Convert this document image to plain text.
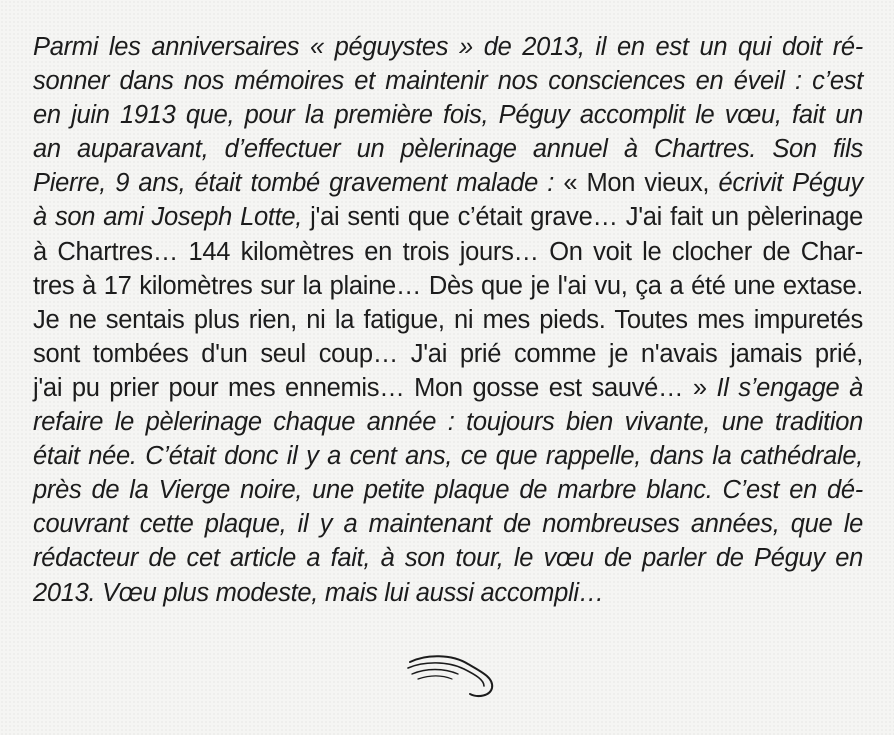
Parmi les anniversaires « péguystes » de 2013, il en est un qui doit ré-
sonner dans nos mémoires et maintenir nos consciences en éveil : c’est
en juin 1913 que, pour la première fois, Péguy accomplit le vœu, fait un
an auparavant, d’effectuer un pèlerinage annuel à Chartres. Son fils
Pierre, 9 ans, était tombé gravement malade : « Mon vieux, écrivit Péguy
à son ami Joseph Lotte, j'ai senti que c’était grave… J'ai fait un pèlerinage
à Chartres… 144 kilomètres en trois jours… On voit le clocher de Char-
tres à 17 kilomètres sur la plaine… Dès que je l'ai vu, ça a été une extase.
Je ne sentais plus rien, ni la fatigue, ni mes pieds. Toutes mes impuretés
sont tombées d'un seul coup… J'ai prié comme je n'avais jamais prié,
j'ai pu prier pour mes ennemis… Mon gosse est sauvé… » Il s’engage à
refaire le pèlerinage chaque année : toujours bien vivante, une tradition
était née. C’était donc il y a cent ans, ce que rappelle, dans la cathédrale,
près de la Vierge noire, une petite plaque de marbre blanc. C’est en dé-
couvrant cette plaque, il y a maintenant de nombreuses années, que le
rédacteur de cet article a fait, à son tour, le vœu de parler de Péguy en
2013. Vœu plus modeste, mais lui aussi accompli…
